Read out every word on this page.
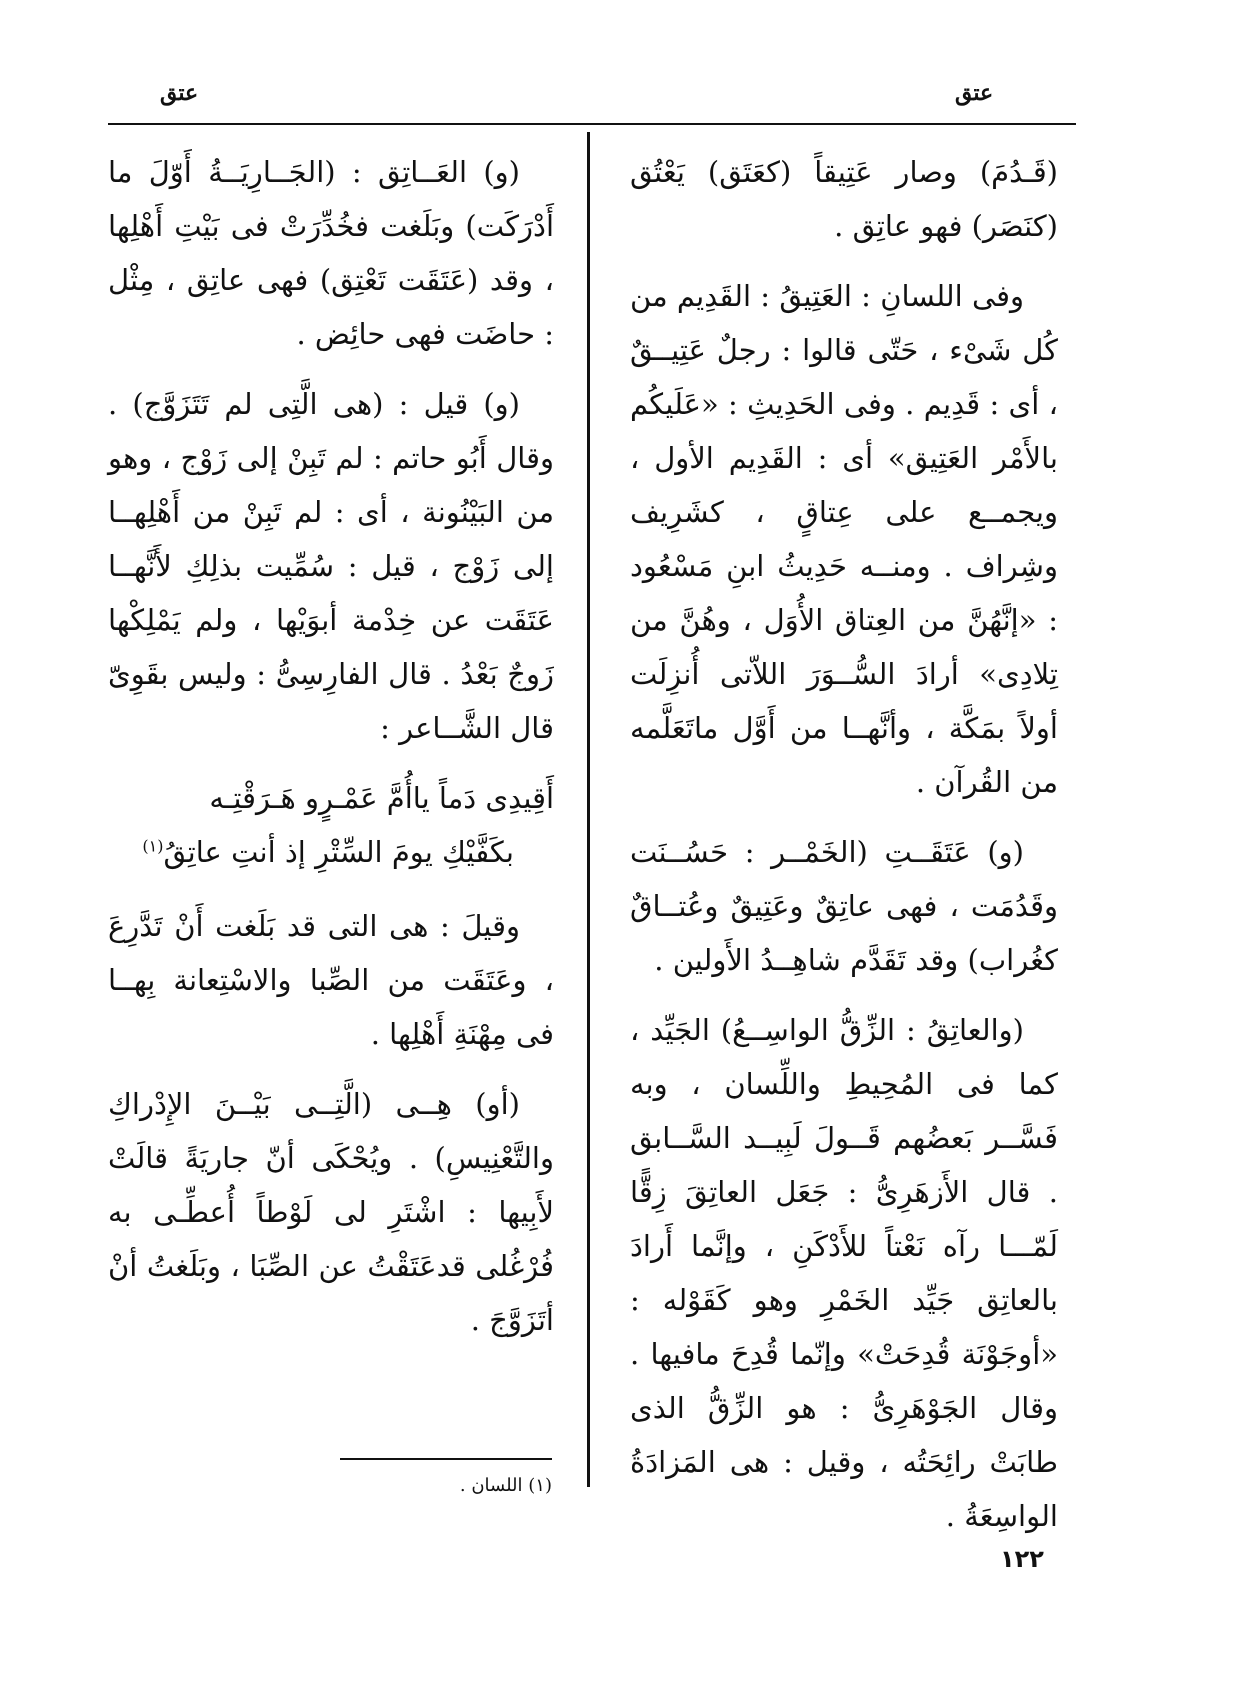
عتق
عتق

(قَـدُمَ) وصار عَتِيقاً (كعَتَق) يَعْتُق (كنَصَر) فهو عاتِق .

وفى اللسانِ : العَتِيقُ : القَدِيم من كُل شَىْء ، حَتّى قالوا : رجلٌ عَتِيــقٌ ، أى : قَدِيم . وفى الحَدِيثِ : «عَلَيكُم بالأَمْر العَتِيق» أى : القَدِيم الأول ، ويجمــع على عِتاقٍ ، كشَرِيف وشِراف . ومنــه حَدِيثُ ابنِ مَسْعُود : «إنَّهُنَّ من العِتاق الأُوَل ، وهُنَّ من تِلادِى» أرادَ السُّــوَرَ اللاّتى أُنزِلَت أولاً بمَكَّة ، وأنَّهــا من أَوَّل ماتَعَلَّمه من القُرآن .

(و) عَتَقَــتِ (الخَمْــر : حَسُــنَت وقَدُمَت ، فهى عاتِقٌ وعَتِيقٌ وعُتــاقٌ كغُراب) وقد تَقَدَّم شاهِــدُ الأَولين .

(والعاتِقُ : الزِّقُّ الواسِــعُ) الجَيِّد ، كما فى المُحِيطِ واللِّسان ، وبه فَسَّــر بَعضُهم قَــولَ لَبِيــد السَّــابق . قال الأَزهَرِىُّ : جَعَل العاتِقَ زِقًّا لَمّـــا رآه نَعْتاً للأَدْكَنِ ، وإنَّما أَرادَ بالعاتِق جَيِّد الخَمْرِ وهو كَقَوْله : «أوجَوْنَة قُدِحَتْ» وإنّما قُدِحَ مافيها . وقال الجَوْهَرِىُّ : هو الزِّقُّ الذى طابَتْ رائِحَتُه ، وقيل : هى المَزادَةُ الواسِعَةُ .

(و) العَــاتِق : (الجَــارِيَــةُ أَوّلَ ما أَدْرَكَت) وبَلَغت فخُدِّرَتْ فى بَيْتِ أَهْلِها ، وقد (عَتَقَت تَعْتِق) فهى عاتِق ، مِثْل : حاضَت فهى حائِض .

(و) قيل : (هى الَّتِى لم تَتَزَوَّج) . وقال أَبُو حاتم : لم تَبِنْ إلى زَوْج ، وهو من البَيْنُونة ، أى : لم تَبِنْ من أَهْلِهــا إلى زَوْج ، قيل : سُمِّيت بذلِكِ لأَنَّهــا عَتَقَت عن خِدْمة أبوَيْها ، ولم يَمْلِكْها زَوجٌ بَعْدُ . قال الفارِسِىُّ : وليس بقَوِىّ قال الشَّــاعر :

أَقِيدِى دَماً ياأُمَّ عَمْـرٍو هَـرَقْتِـه
بكَفَّيْكِ يومَ السِّتْرِ إذ أنتِ عاتِقُ$^{(١)}$

وقيلَ : هى التى قد بَلَغت أَنْ تَدَّرِعَ ، وعَتَقَت من الصِّبا والاسْتِعانة بِهــا فى مِهْنَةِ أَهْلِها .

(أو) هِــى (الَّتِــى بَيْــنَ الإِدْراكِ والتَّعْنِيسِ) . ويُحْكَى أنّ جاريَةً قالَتْ لأَبِيها : اشْتَرِ لى لَوْطاً أُعطِّـى به فُرْغُلى قدعَتَقْتُ عن الصِّبَا ، وبَلَغتُ أنْ أتَزَوَّجَ .

(١) اللسان .
١٢٢
